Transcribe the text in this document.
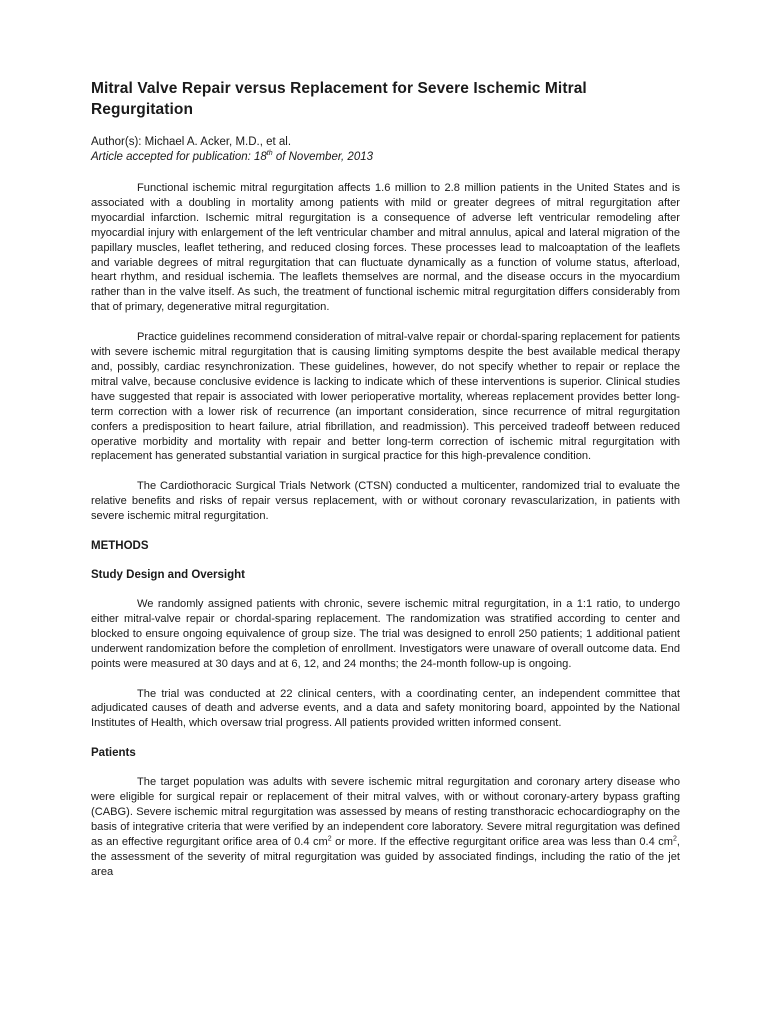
Mitral Valve Repair versus Replacement for Severe Ischemic Mitral Regurgitation
Author(s): Michael A. Acker, M.D., et al.
Article accepted for publication: 18th of November, 2013

Functional ischemic mitral regurgitation affects 1.6 million to 2.8 million patients in the United States and is associated with a doubling in mortality among patients with mild or greater degrees of mitral regurgitation after myocardial infarction. Ischemic mitral regurgitation is a consequence of adverse left ventricular remodeling after myocardial injury with enlargement of the left ventricular chamber and mitral annulus, apical and lateral migration of the papillary muscles, leaflet tethering, and reduced closing forces. These processes lead to malcoaptation of the leaflets and variable degrees of mitral regurgitation that can fluctuate dynamically as a function of volume status, afterload, heart rhythm, and residual ischemia. The leaflets themselves are normal, and the disease occurs in the myocardium rather than in the valve itself. As such, the treatment of functional ischemic mitral regurgitation differs considerably from that of primary, degenerative mitral regurgitation.

Practice guidelines recommend consideration of mitral-valve repair or chordal-sparing replacement for patients with severe ischemic mitral regurgitation that is causing limiting symptoms despite the best available medical therapy and, possibly, cardiac resynchronization. These guidelines, however, do not specify whether to repair or replace the mitral valve, because conclusive evidence is lacking to indicate which of these interventions is superior. Clinical studies have suggested that repair is associated with lower perioperative mortality, whereas replacement provides better long-term correction with a lower risk of recurrence (an important consideration, since recurrence of mitral regurgitation confers a predisposition to heart failure, atrial fibrillation, and readmission). This perceived tradeoff between reduced operative morbidity and mortality with repair and better long-term correction of ischemic mitral regurgitation with replacement has generated substantial variation in surgical practice for this high-prevalence condition.

The Cardiothoracic Surgical Trials Network (CTSN) conducted a multicenter, randomized trial to evaluate the relative benefits and risks of repair versus replacement, with or without coronary revascularization, in patients with severe ischemic mitral regurgitation.

METHODS
Study Design and Oversight

We randomly assigned patients with chronic, severe ischemic mitral regurgitation, in a 1:1 ratio, to undergo either mitral-valve repair or chordal-sparing replacement. The randomization was stratified according to center and blocked to ensure ongoing equivalence of group size. The trial was designed to enroll 250 patients; 1 additional patient underwent randomization before the completion of enrollment. Investigators were unaware of overall outcome data. End points were measured at 30 days and at 6, 12, and 24 months; the 24-month follow-up is ongoing.

The trial was conducted at 22 clinical centers, with a coordinating center, an independent committee that adjudicated causes of death and adverse events, and a data and safety monitoring board, appointed by the National Institutes of Health, which oversaw trial progress. All patients provided written informed consent.

Patients

The target population was adults with severe ischemic mitral regurgitation and coronary artery disease who were eligible for surgical repair or replacement of their mitral valves, with or without coronary-artery bypass grafting (CABG). Severe ischemic mitral regurgitation was assessed by means of resting transthoracic echocardiography on the basis of integrative criteria that were verified by an independent core laboratory. Severe mitral regurgitation was defined as an effective regurgitant orifice area of 0.4 $cm^2$ or more. If the effective regurgitant orifice area was less than 0.4 $cm^2$, the assessment of the severity of mitral regurgitation was guided by associated findings, including the ratio of the jet area
